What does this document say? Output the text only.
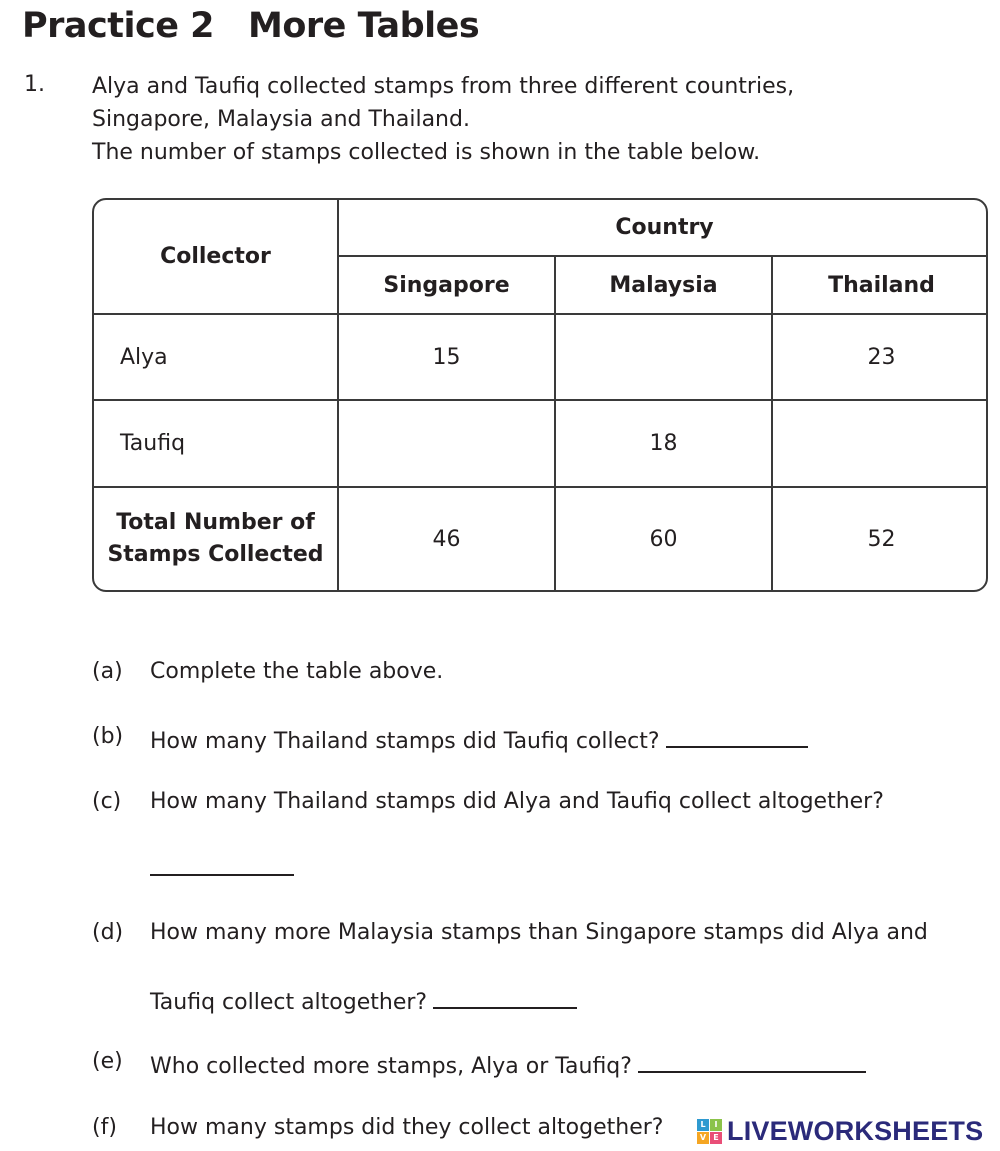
Practice 2 More Tables
1. Alya and Taufiq collected stamps from three different countries,
Singapore, Malaysia and Thailand.
The number of stamps collected is shown in the table below.
Collector	Country		
	Singapore	Malaysia	Thailand
Alya	15		23
Taufiq		18	

Total Number of
Stamps Collected	46	60	52
(a) Complete the table above.
(b) How many Thailand stamps did Taufiq collect?
(c) How many Thailand stamps did Alya and Taufiq collect altogether?
(d) How many more Malaysia stamps than Singapore stamps did Alya and
Taufiq collect altogether?
(e) Who collected more stamps, Alya or Taufiq?
(f) How many stamps did they collect altogether?	L	I
V E LIVEWORKSHEETS
